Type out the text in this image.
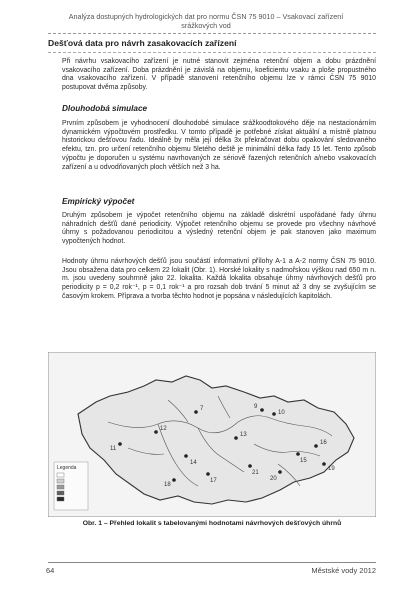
Analýza dostupných hydrologických dat pro normu ČSN 75 9010 – Vsakovací zařízení
srážkových vod
Dešťová data pro návrh zasakovacích zařízení
Při návrhu vsakovacího zařízení je nutné stanovit zejména retenční objem a dobu prázdnění vsakovacího zařízení. Doba prázdnění je závislá na objemu, koeficientu vsaku a ploše propustného dna vsakovacího zařízení. V případě stanovení retenčního objemu lze v rámci ČSN 75 9010 postupovat dvěma způsoby.
Dlouhodobá simulace
Prvním způsobem je vyhodnocení dlouhodobé simulace srážkoodtokového děje na nestacionárním dynamickém výpočtovém prostředku. V tomto případě je potřebné získat aktuální a místně platnou historickou dešťovou řadu. Ideálně by měla její délka 3x překračovat dobu opakování sledovaného efektu, tzn. pro určení retenčního objemu 5letého deště je minimální délka řady 15 let. Tento způsob výpočtu je doporučen u systému navrhovaných ze sériově řazených retenčních a/nebo vsakovacích zařízení a u odvodňovaných ploch větších než 3 ha.
Empirický výpočet
Druhým způsobem je výpočet retenčního objemu na základě diskrétní uspořádané řady úhrnu náhradních dešťů dané periodicity. Výpočet retenčního objemu se provede pro všechny návrhové úhrny s požadovanou periodicitou a výsledný retenční objem je pak stanoven jako maximum vypočtených hodnot.
Hodnoty úhrnu návrhových dešťů jsou součástí informativní přílohy A-1 a A-2 normy ČSN 75 9010. Jsou obsažena data pro celkem 22 lokalit (Obr. 1). Horské lokality s nadmořskou výškou nad 650 m n. m. jsou uvedeny souhrnně jako 22. lokalita. Každá lokalita obsahuje úhrny návrhových dešťů pro periodicity p = 0,2 rok⁻¹, p = 0,1 rok⁻¹ a pro rozsah dob trvání 5 minut až 3 dny se zvyšujícím se časovým krokem. Příprava a tvorba těchto hodnot je popsána v následujících kapitolách.
7	9
10
11
12
13
14	15
16
17
18
19
20
21
Legenda
Obr. 1 – Přehled lokalit s tabelovanými hodnotami návrhových dešťových úhrnů
64	Městské vody 2012
